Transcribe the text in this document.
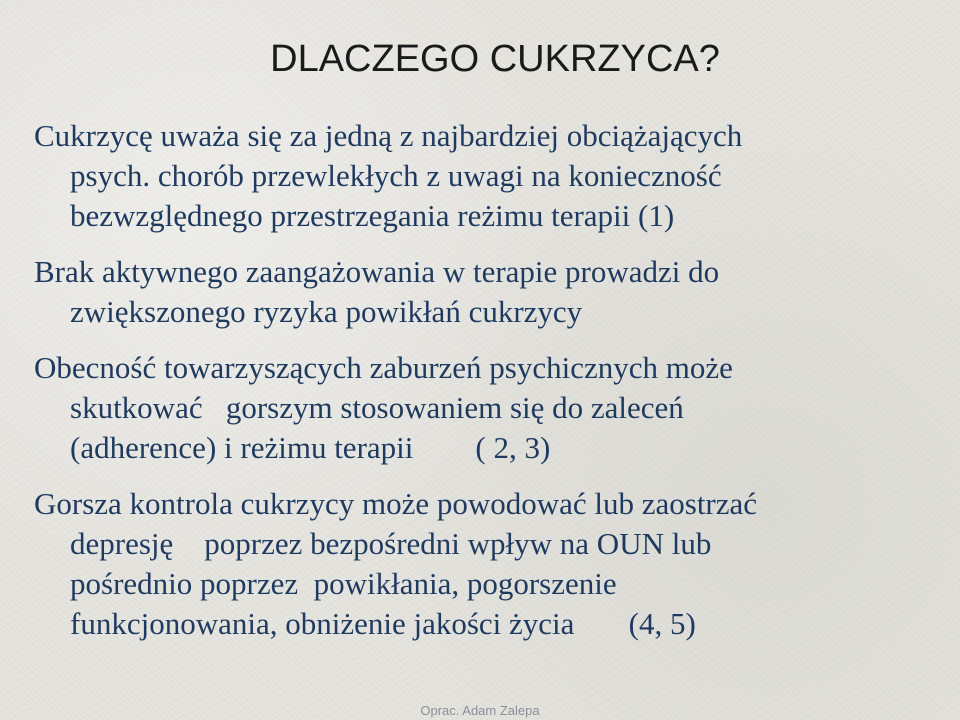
DLACZEGO CUKRZYCA?

Cukrzycę uważa się za jedną z najbardziej obciążających
psych. chorób przewlekłych z uwagi na konieczność
bezwzględnego przestrzegania reżimu terapii (1)

Brak aktywnego zaangażowania w terapie prowadzi do
zwiększonego ryzyka powikłań cukrzycy

Obecność towarzyszących zaburzeń psychicznych może
skutkować   gorszym stosowaniem się do zaleceń
(adherence) i reżimu terapii        ( 2, 3)

Gorsza kontrola cukrzycy może powodować lub zaostrzać
depresję    poprzez bezpośredni wpływ na OUN lub
pośrednio poprzez  powikłania, pogorszenie
funkcjonowania, obniżenie jakości życia       (4, 5)

Oprac. Adam Zalepa
